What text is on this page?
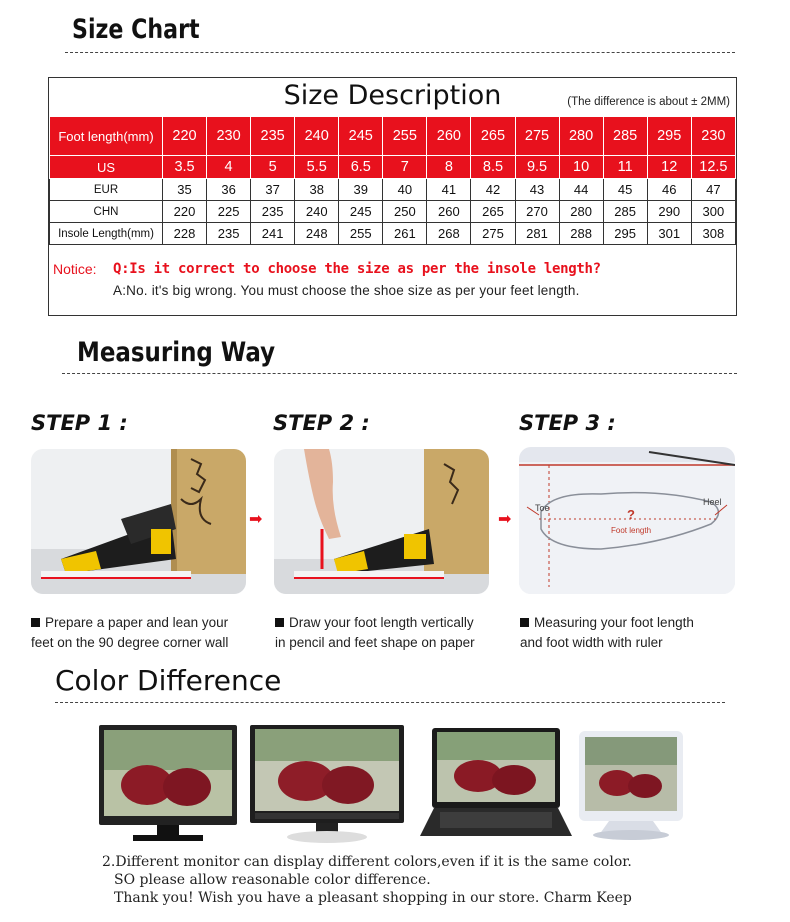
Size Chart
Size Description	(The difference is about ± 2MM)
Foot length(mm)	220	230	235	240	245	255	260	265	275	280	285	295	230
US	3.5	4	5	5.5	6.5	7	8	8.5	9.5	10	11	12	12.5
EUR	35	36	37	38	39	40	41	42	43	44	45	46	47
CHN	220	225	235	240	245	250	260	265	270	280	285	290	300
Insole Length(mm)	228	235	241	248	255	261	268	275	281	288	295	301	308
Notice: Q:Is it correct to choose the size as per the insole length?
A:No. it's big wrong. You must choose the shoe size as per your feet length.
Measuring Way
STEP 1 :	STEP 2 :	STEP 3 :
➡	➡
Toe
Heel
?
Foot length
Prepare a paper and lean your
feet on the 90 degree corner wall
Draw your foot length vertically
in pencil and feet shape on paper
Measuring your foot length
and foot width with ruler
Color Difference
2.Different monitor can display different colors,even if it is the same color.
SO please allow reasonable color difference.
Thank you! Wish you have a pleasant shopping in our store. Charm Keep
